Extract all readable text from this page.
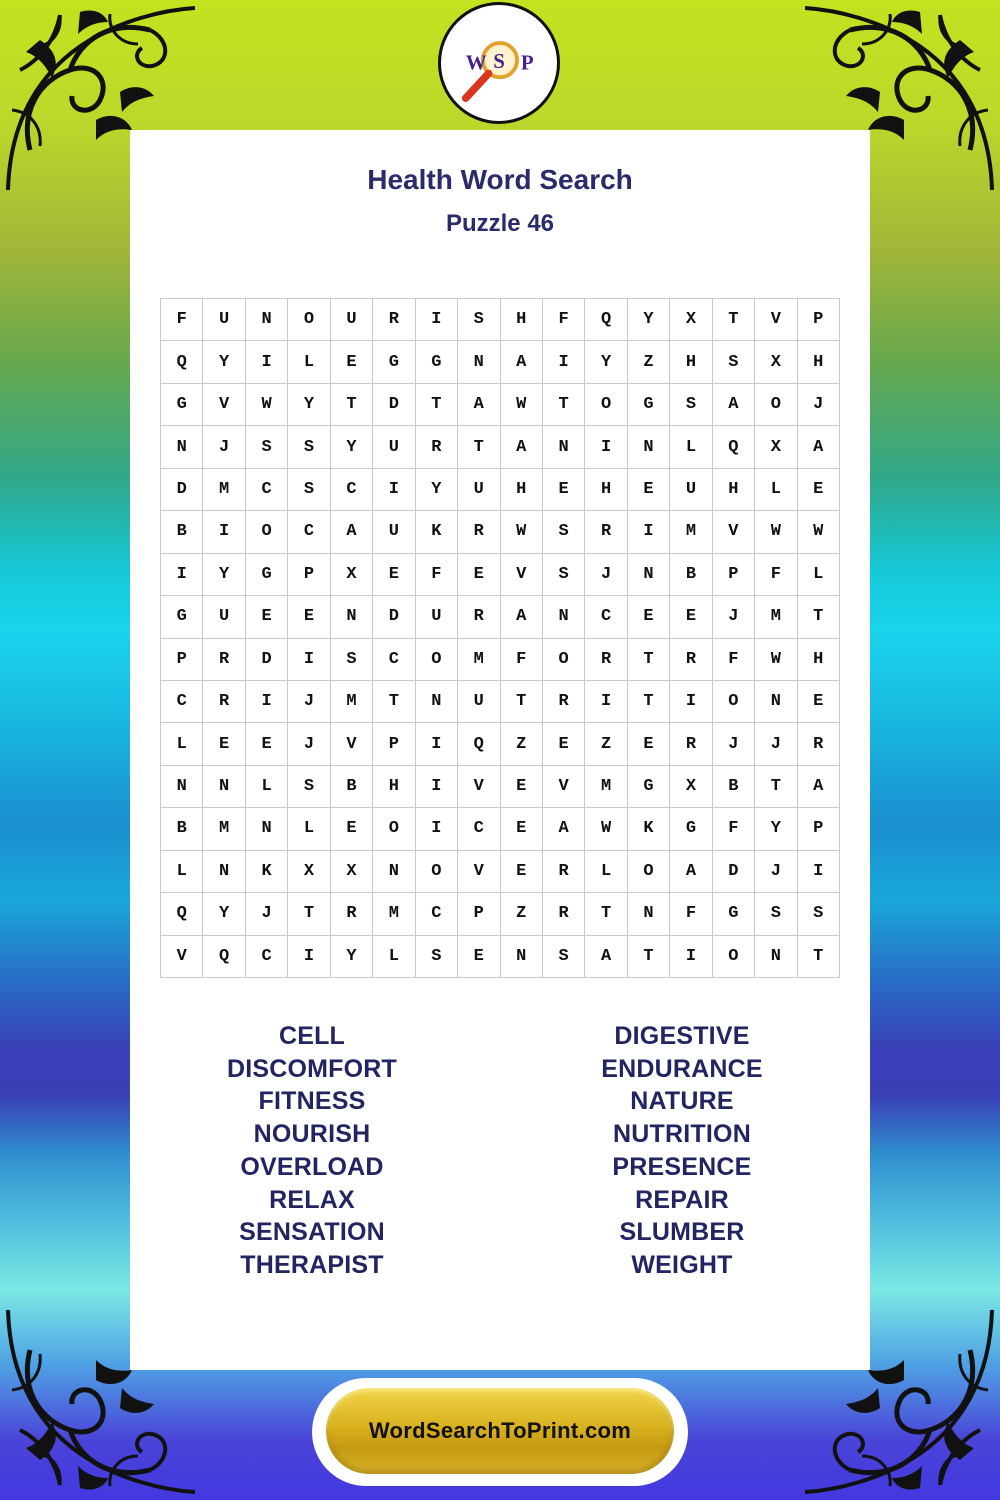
W S P
Health Word Search
Puzzle 46
F	U	N	O	U	R	I	S	H	F	Q	Y	X	T	V	P
Q	Y	I	L	E	G	G	N	A	I	Y	Z	H	S	X	H
G	V	W	Y	T	D	T	A	W	T	O	G	S	A	O	J
N	J	S	S	Y	U	R	T	A	N	I	N	L	Q	X	A
D	M	C	S	C	I	Y	U	H	E	H	E	U	H	L	E
B	I	O	C	A	U	K	R	W	S	R	I	M	V	W	W
I	Y	G	P	X	E	F	E	V	S	J	N	B	P	F	L
G	U	E	E	N	D	U	R	A	N	C	E	E	J	M	T
P	R	D	I	S	C	O	M	F	O	R	T	R	F	W	H
C	R	I	J	M	T	N	U	T	R	I	T	I	O	N	E
L	E	E	J	V	P	I	Q	Z	E	Z	E	R	J	J	R
N	N	L	S	B	H	I	V	E	V	M	G	X	B	T	A
B	M	N	L	E	O	I	C	E	A	W	K	G	F	Y	P
L	N	K	X	X	N	O	V	E	R	L	O	A	D	J	I
Q	Y	J	T	R	M	C	P	Z	R	T	N	F	G	S	S
V	Q	C	I	Y	L	S	E	N	S	A	T	I	O	N	T
CELL
DISCOMFORT
FITNESS
NOURISH
OVERLOAD
RELAX
SENSATION
THERAPIST
DIGESTIVE
ENDURANCE
NATURE
NUTRITION
PRESENCE
REPAIR
SLUMBER
WEIGHT
WordSearchToPrint.com
